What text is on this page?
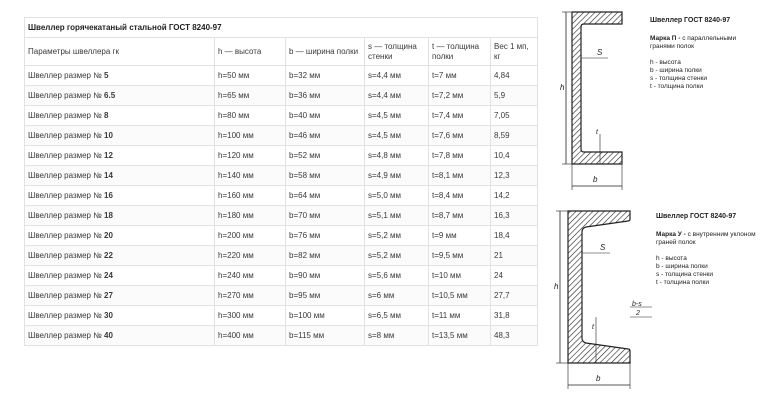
Швеллер горячекатаный стальной ГОСТ 8240-97					
Параметры швеллера гк	h — высота	b — ширина полки	s — толщина стенки	t — толщина полки	Вес 1 мп, кг
Швеллер размер № 5	h=50 мм	b=32 мм	s=4,4 мм	t=7 мм	4,84
Швеллер размер № 6.5	h=65 мм	b=36 мм	s=4,4 мм	t=7,2 мм	5,9
Швеллер размер № 8	h=80 мм	b=40 мм	s=4,5 мм	t=7,4 мм	7,05
Швеллер размер № 10	h=100 мм	b=46 мм	s=4,5 мм	t=7,6 мм	8,59
Швеллер размер № 12	h=120 мм	b=52 мм	s=4,8 мм	t=7,8 мм	10,4
Швеллер размер № 14	h=140 мм	b=58 мм	s=4,9 мм	t=8,1 мм	12,3
Швеллер размер № 16	h=160 мм	b=64 мм	s=5,0 мм	t=8,4 мм	14,2
Швеллер размер № 18	h=180 мм	b=70 мм	s=5,1 мм	t=8,7 мм	16,3
Швеллер размер № 20	h=200 мм	b=76 мм	s=5,2 мм	t=9 мм	18,4
Швеллер размер № 22	h=220 мм	b=82 мм	s=5,2 мм	t=9,5 мм	21
Швеллер размер № 24	h=240 мм	b=90 мм	s=5,6 мм	t=10 мм	24
Швеллер размер № 27	h=270 мм	b=95 мм	s=6 мм	t=10,5 мм	27,7
Швеллер размер № 30	h=300 мм	b=100 мм	s=6,5 мм	t=11 мм	31,8
Швеллер размер № 40	h=400 мм	b=115 мм	s=8 мм	t=13,5 мм	48,3
h
S
t
b
Швеллер ГОСТ 8240-97
Марка П - с параллельными гранями полок
h - высота
b - ширина полки
s - толщина стенки
t - толщина полки
h
S
t
b-s
2
b
Швеллер ГОСТ 8240-97
Марка У - с внутренним уклоном граней полок
h - высота
b - ширина полки
s - толщина стенки
t - толщина полки
